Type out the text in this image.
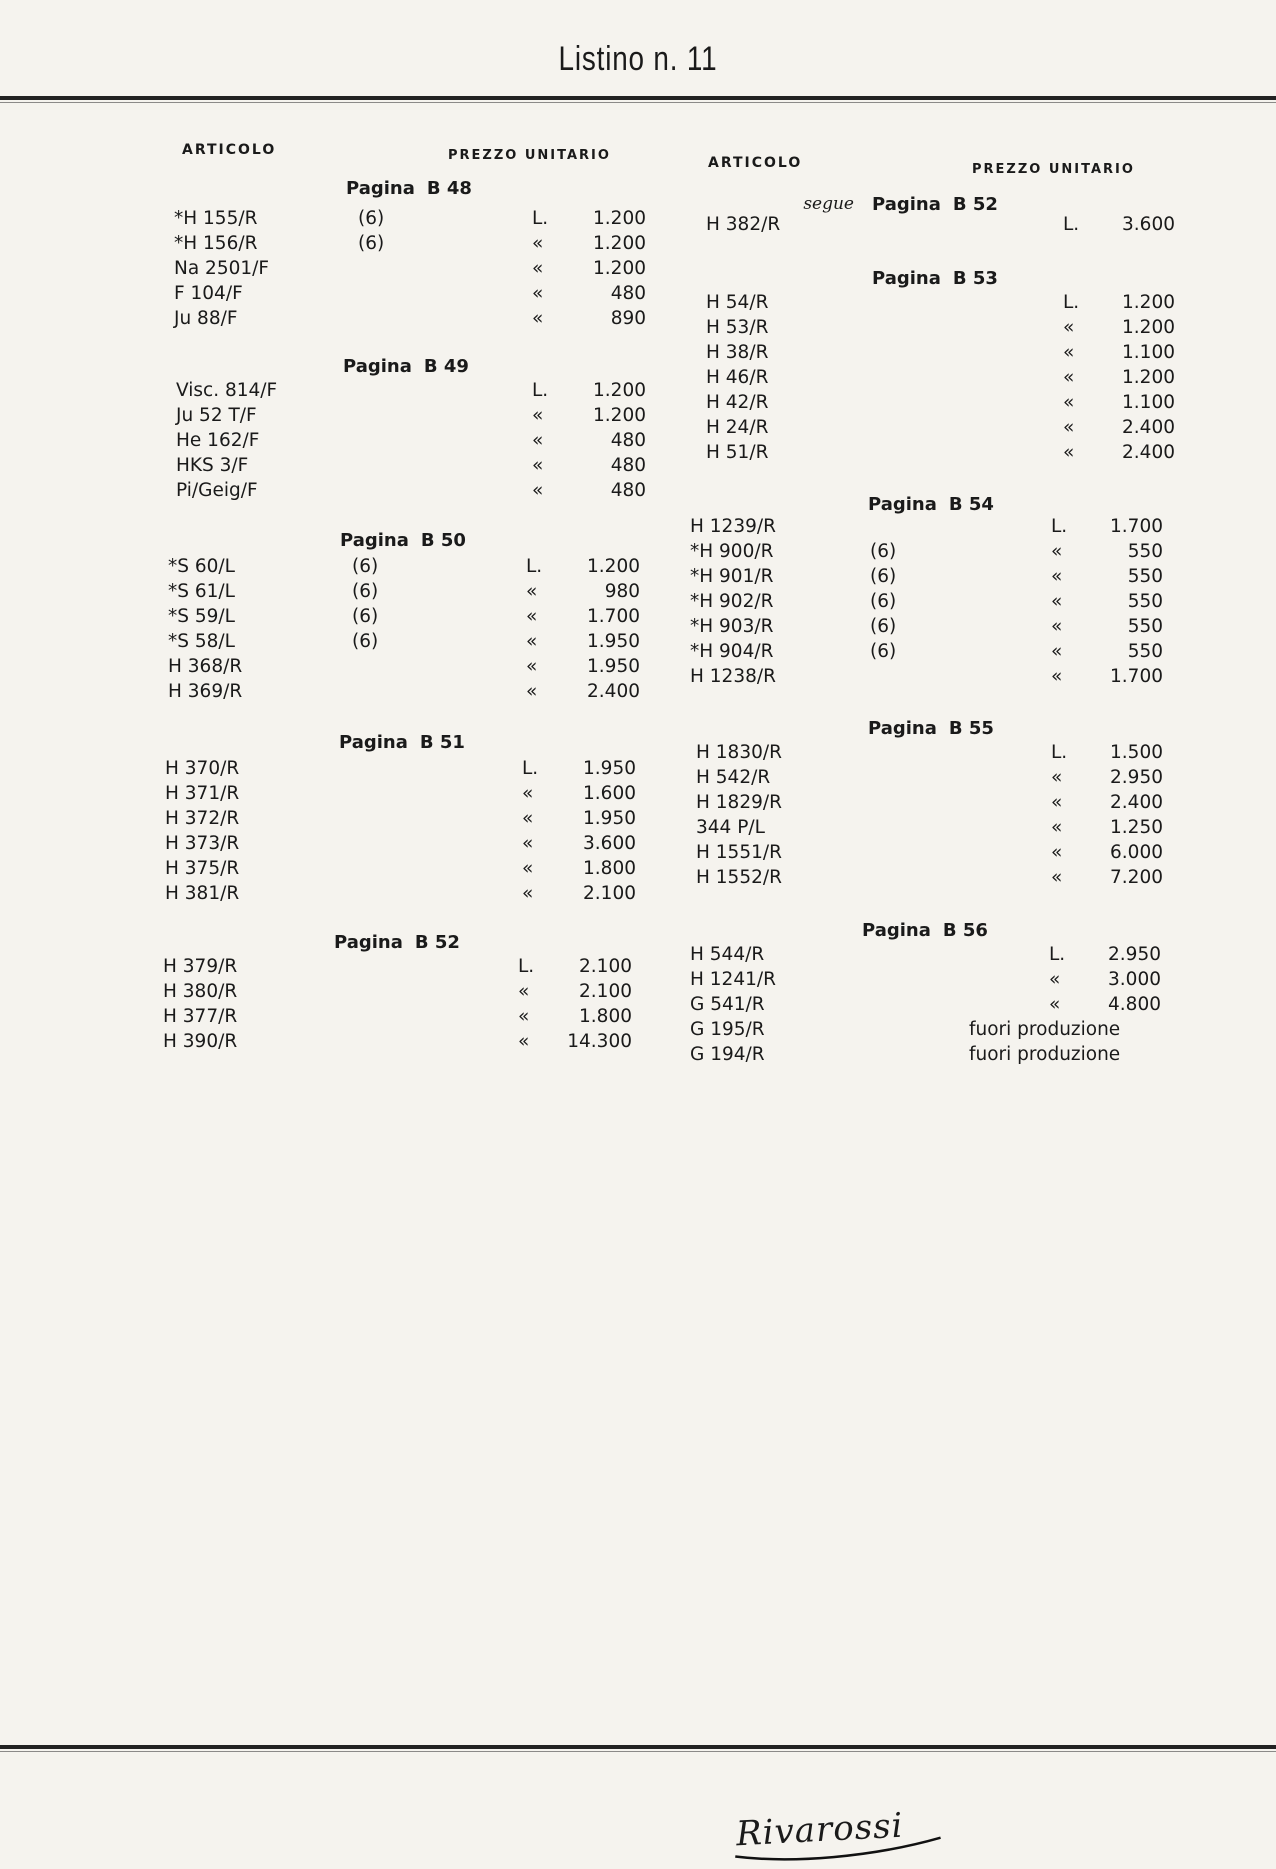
Listino n. 11
ARTICOLO	PREZZO UNITARIO	ARTICOLO	PREZZO UNITARIO
Pagina B 48
*H 155/R	(6)	L. 1.200
*H 156/R	(6)	«	1.200
Na 2501/F	«	1.200
F 104/F	«	480
Ju 88/F	«	890
Pagina B 49
Visc. 814/F	L. 1.200
Ju 52 T/F	«	1.200
He 162/F	«	480
HKS 3/F	«	480
Pi/Geig/F	«	480
Pagina B 50
*S 60/L	(6)	L. 1.200
*S 61/L	(6)	«	980
*S 59/L	(6)	«	1.700
*S 58/L	(6)	«	1.950
H 368/R	«	1.950
H 369/R	«	2.400
Pagina B 51
H 370/R	L. 1.950
H 371/R	«	1.600
H 372/R	«	1.950
H 373/R	«	3.600
H 375/R	«	1.800
H 381/R	«	2.100
Pagina B 52
H 379/R	L. 2.100
H 380/R	«	2.100
H 377/R	«	1.800
H 390/R	« 14.300
segue Pagina B 52
H 382/R	L. 3.600
Pagina B 53
H 54/R	L. 1.200
H 53/R	«	1.200
H 38/R	«	1.100
H 46/R	«	1.200
H 42/R	«	1.100
H 24/R	«	2.400
H 51/R	«	2.400
Pagina B 54
H 1239/R	L. 1.700
*H 900/R	(6)	«	550
*H 901/R	(6)	«	550
*H 902/R	(6)	«	550
*H 903/R	(6)	«	550
*H 904/R	(6)	«	550
H 1238/R	«	1.700
Pagina B 55
H 1830/R	L. 1.500
H 542/R	«	2.950
H 1829/R	«	2.400
344 P/L	«	1.250
H 1551/R	«	6.000
H 1552/R	«	7.200
Pagina B 56
H 544/R	L. 2.950
H 1241/R	«	3.000
G 541/R	«	4.800
G 195/R	fuori produzione
G 194/R	fuori produzione
Rivarossi
